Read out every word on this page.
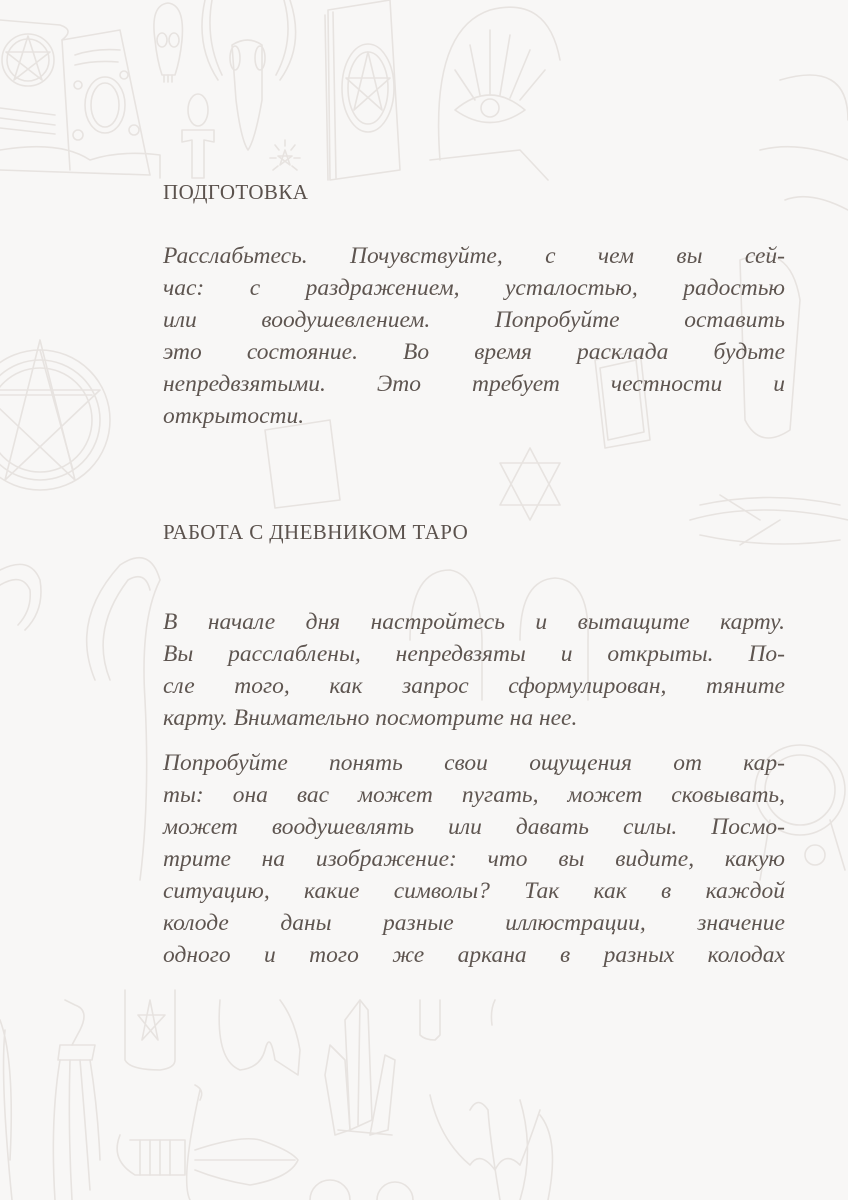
ПОДГОТОВКА
Расслабьтесь. Почувствуйте, с чем вы сей-
час: с раздражением, усталостью, радостью
или воодушевлением. Попробуйте оставить
это состояние. Во время расклада будьте
непредвзятыми. Это требует честности и
открытости.
РАБОТА С ДНЕВНИКОМ ТАРО
В начале дня настройтесь и вытащите карту.
Вы расслаблены, непредвзяты и открыты. По-
сле того, как запрос сформулирован, тяните
карту. Внимательно посмотрите на нее.
Попробуйте понять свои ощущения от кар-
ты: она вас может пугать, может сковывать,
может воодушевлять или давать силы. Посмо-
трите на изображение: что вы видите, какую
ситуацию, какие символы? Так как в каждой
колоде даны разные иллюстрации, значение
одного и того же аркана в разных колодах
